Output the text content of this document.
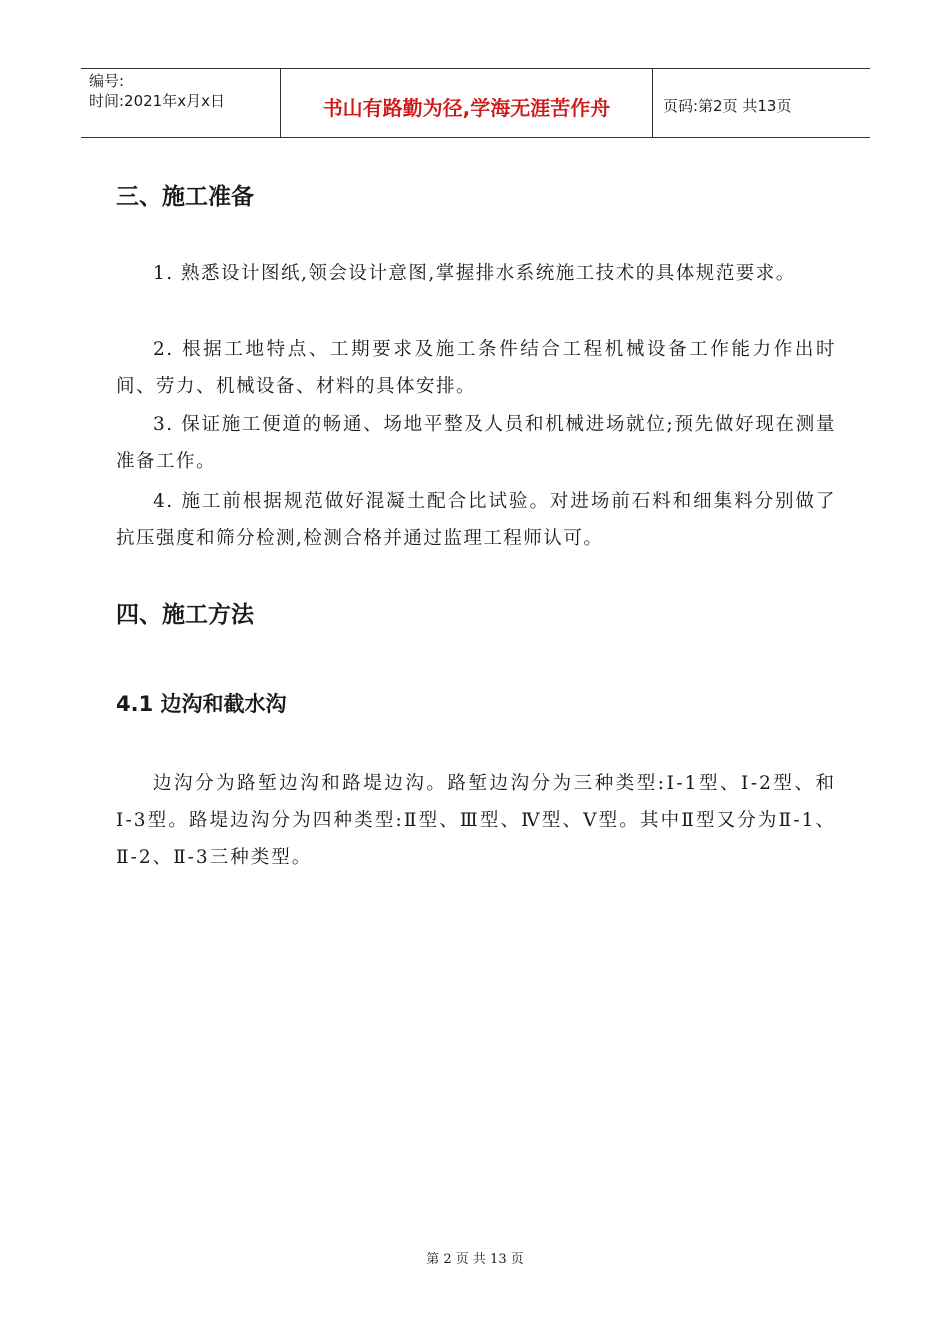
编号:
时间:2021年x月x日	书山有路勤为径,学海无涯苦作舟	页码:第2页 共13页
三、施工准备

1. 熟悉设计图纸,领会设计意图,掌握排水系统施工技术的具体规范要求。

2. 根据工地特点、工期要求及施工条件结合工程机械设备工作能力作出时间、劳力、机械设备、材料的具体安排。

3. 保证施工便道的畅通、场地平整及人员和机械进场就位;预先做好现在测量准备工作。

4. 施工前根据规范做好混凝土配合比试验。对进场前石料和细集料分别做了抗压强度和筛分检测,检测合格并通过监理工程师认可。

四、施工方法
4.1 边沟和截水沟

边沟分为路堑边沟和路堤边沟。路堑边沟分为三种类型:Ⅰ-1型、Ⅰ-2型、和Ⅰ-3型。路堤边沟分为四种类型:Ⅱ型、Ⅲ型、Ⅳ型、Ⅴ型。其中Ⅱ型又分为Ⅱ-1、Ⅱ-2、Ⅱ-3三种类型。

第 2 页 共 13 页
